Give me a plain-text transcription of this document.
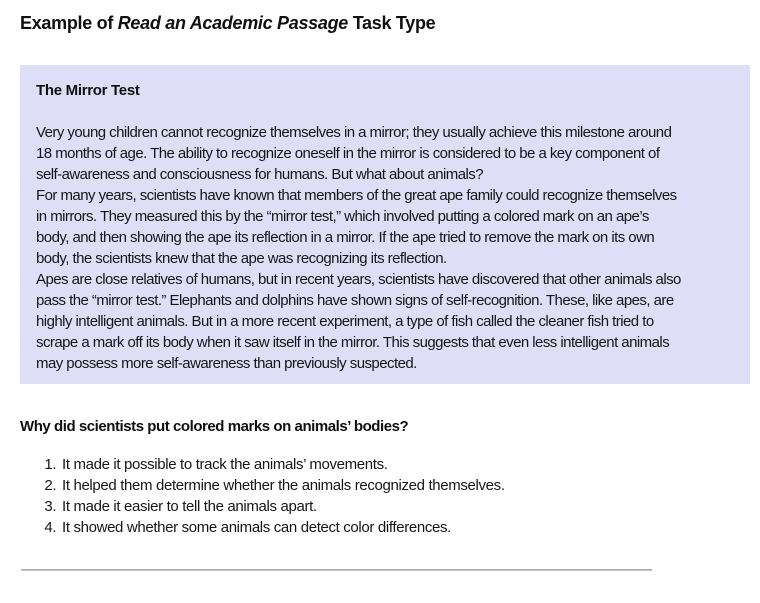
Example of Read an Academic Passage Task Type
The Mirror Test
Very young children cannot recognize themselves in a mirror; they usually achieve this milestone around
18 months of age. The ability to recognize oneself in the mirror is considered to be a key component of
self-awareness and consciousness for humans. But what about animals?
For many years, scientists have known that members of the great ape family could recognize themselves
in mirrors. They measured this by the “mirror test,” which involved putting a colored mark on an ape’s
body, and then showing the ape its reflection in a mirror. If the ape tried to remove the mark on its own
body, the scientists knew that the ape was recognizing its reflection.
Apes are close relatives of humans, but in recent years, scientists have discovered that other animals also
pass the “mirror test.” Elephants and dolphins have shown signs of self-recognition. These, like apes, are
highly intelligent animals. But in a more recent experiment, a type of fish called the cleaner fish tried to
scrape a mark off its body when it saw itself in the mirror. This suggests that even less intelligent animals
may possess more self-awareness than previously suspected.

Why did scientists put colored marks on animals’ bodies?

1. It made it possible to track the animals’ movements.
2. It helped them determine whether the animals recognized themselves.
3. It made it easier to tell the animals apart.
4. It showed whether some animals can detect color differences.
